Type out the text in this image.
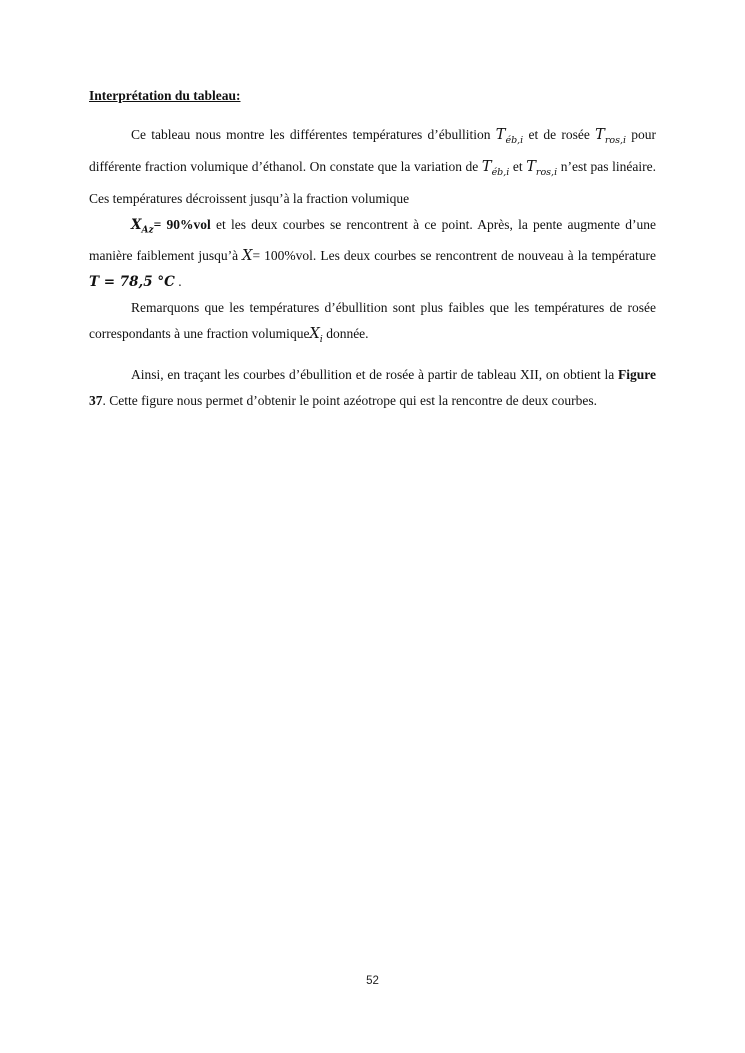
Interprétation du tableau:

Ce tableau nous montre les différentes températures d’ébullition $T_{éb,i}$ et de rosée $T_{ros,i}$ pour différente fraction volumique d’éthanol. On constate que la variation de $T_{éb,i}$ et $T_{ros,i}$ n’est pas linéaire. Ces températures décroissent jusqu’à la fraction volumique

$X_{Az}= 90\%vol$ et les deux courbes se rencontrent à ce point. Après, la pente augmente d’une manière faiblement jusqu’à X= 100%vol. Les deux courbes se rencontrent de nouveau à la température T = 78,5 °C .

Remarquons que les températures d’ébullition sont plus faibles que les températures de rosée correspondants à une fraction volumiqueX$_i$ donnée.

Ainsi, en traçant les courbes d’ébullition et de rosée à partir de tableau XII, on obtient la Figure 37. Cette figure nous permet d’obtenir le point azéotrope qui est la rencontre de deux courbes.

52
